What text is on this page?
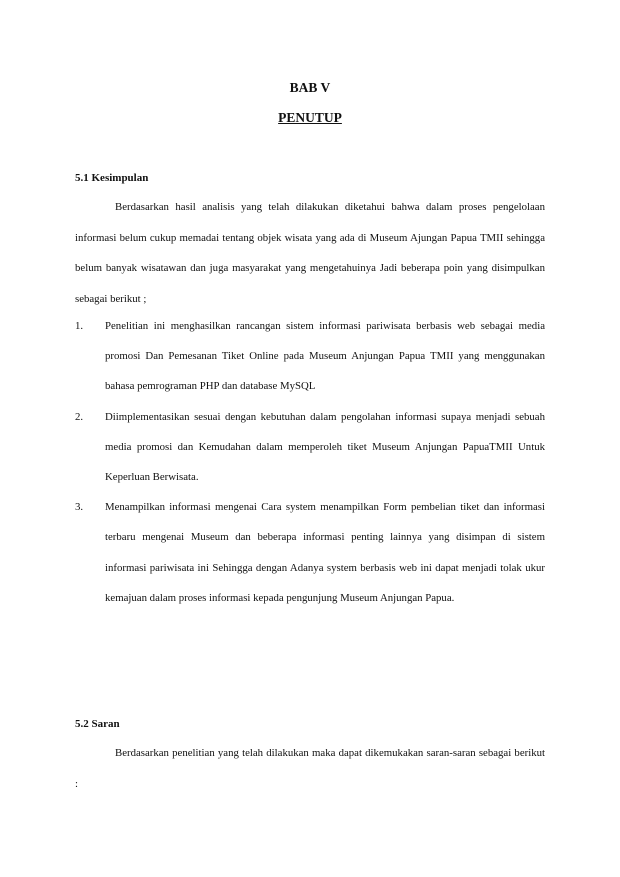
BAB V
PENUTUP
5.1 Kesimpulan

Berdasarkan hasil analisis yang telah dilakukan diketahui bahwa dalam proses pengelolaan informasi belum cukup memadai tentang objek wisata yang ada di Museum Ajungan Papua TMII sehingga belum banyak wisatawan dan juga masyarakat yang mengetahuinya Jadi beberapa poin yang disimpulkan sebagai berikut ;

1. Penelitian ini menghasilkan rancangan sistem informasi pariwisata berbasis web sebagai media promosi Dan Pemesanan Tiket Online pada Museum Anjungan Papua TMII yang menggunakan bahasa pemrograman PHP dan database MySQL
2. Diimplementasikan sesuai dengan kebutuhan dalam pengolahan informasi supaya menjadi sebuah media promosi dan Kemudahan dalam memperoleh tiket Museum Anjungan PapuaTMII Untuk Keperluan Berwisata.
3. Menampilkan informasi mengenai Cara system menampilkan Form pembelian tiket dan informasi terbaru mengenai Museum dan beberapa informasi penting lainnya yang disimpan di sistem informasi pariwisata ini Sehingga dengan Adanya system berbasis web ini dapat menjadi tolak ukur kemajuan dalam proses informasi kepada pengunjung Museum Anjungan Papua.
5.2 Saran

Berdasarkan penelitian yang telah dilakukan maka dapat dikemukakan saran-saran sebagai berikut :
